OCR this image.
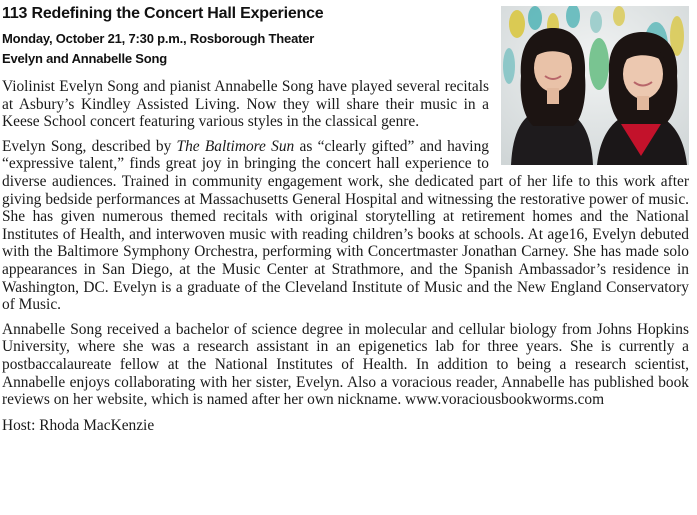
113 Redefining the Concert Hall Experience
Monday, October 21, 7:30 p.m., Rosborough Theater
Evelyn and Annabelle Song

Violinist Evelyn Song and pianist Annabelle Song have played several recitals at Asbury’s Kindley Assisted Living. Now they will share their music in a Keese School concert featuring various styles in the classical genre.

Evelyn Song, described by The Baltimore Sun as “clearly gifted” and having “expressive talent,” finds great joy in bringing the concert hall experience to diverse audiences. Trained in community engagement work, she dedicated part of her life to this work after giving bedside performances at Massachusetts General Hospital and witnessing the restorative power of music. She has given numerous themed recitals with original storytelling at retirement homes and the National Institutes of Health, and interwoven music with reading children’s books at schools. At age16, Evelyn debuted with the Baltimore Symphony Orchestra, performing with Concertmaster Jonathan Carney. She has made solo appearances in San Diego, at the Music Center at Strathmore, and the Spanish Ambassador’s residence in Washington, DC. Evelyn is a graduate of the Cleveland Institute of Music and the New England Conservatory of Music.

Annabelle Song received a bachelor of science degree in molecular and cellular biology from Johns Hopkins University, where she was a research assistant in an epigenetics lab for three years. She is currently a postbaccalaureate fellow at the National Institutes of Health. In addition to being a research scientist, Annabelle enjoys collaborating with her sister, Evelyn. Also a voracious reader, Annabelle has published book reviews on her website, which is named after her own nickname. www.voraciousbookworms.com

Host: Rhoda MacKenzie
